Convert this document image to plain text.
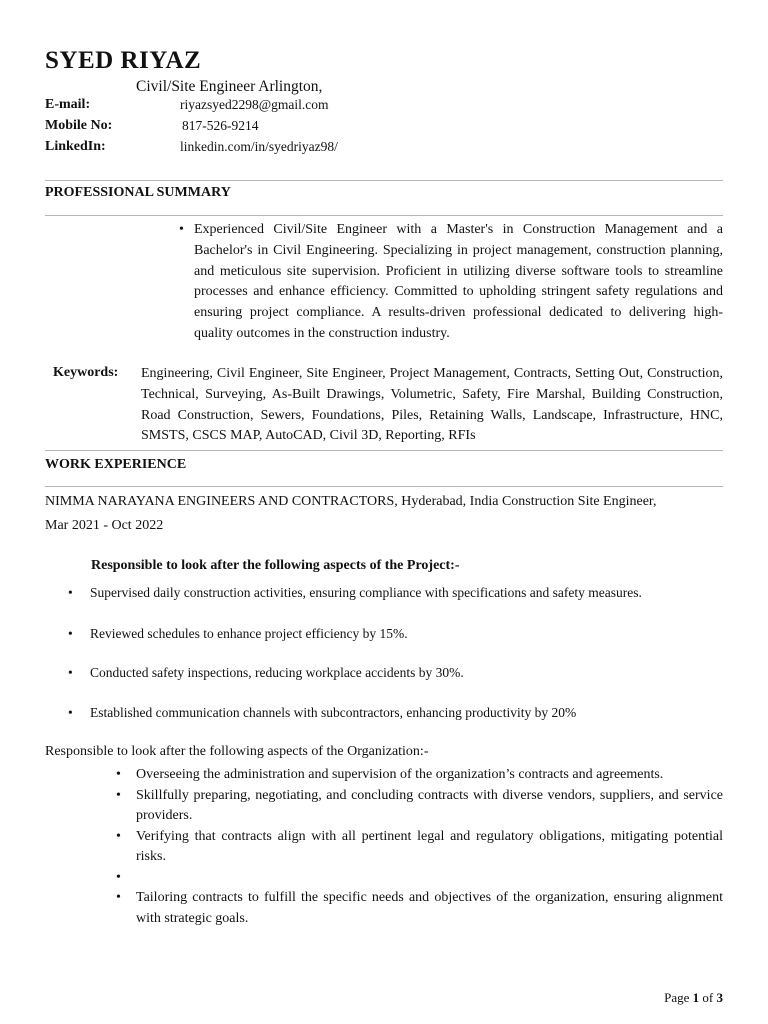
SYED RIYAZ
Civil/Site Engineer Arlington,
E-mail:	riyazsyed2298@gmail.com
Mobile No:	817-526-9214
LinkedIn:	linkedin.com/in/syedriyaz98/
PROFESSIONAL SUMMARY
• Experienced Civil/Site Engineer with a Master's in Construction Management and a Bachelor's in Civil Engineering. Specializing in project management, construction planning, and meticulous site supervision. Proficient in utilizing diverse software tools to streamline processes and enhance efficiency. Committed to upholding stringent safety regulations and ensuring project compliance. A results-driven professional dedicated to delivering high-quality outcomes in the construction industry.
Keywords: Engineering, Civil Engineer, Site Engineer, Project Management, Contracts, Setting Out, Construction, Technical, Surveying, As-Built Drawings, Volumetric, Safety, Fire Marshal, Building Construction, Road Construction, Sewers, Foundations, Piles, Retaining Walls, Landscape, Infrastructure, HNC, SMSTS, CSCS MAP, AutoCAD, Civil 3D, Reporting, RFIs
WORK EXPERIENCE
NIMMA NARAYANA ENGINEERS AND CONTRACTORS, Hyderabad, India Construction Site Engineer,
Mar 2021 - Oct 2022
Responsible to look after the following aspects of the Project:-
• Supervised daily construction activities, ensuring compliance with specifications and safety measures.
• Reviewed schedules to enhance project efficiency by 15%.
• Conducted safety inspections, reducing workplace accidents by 30%.
• Established communication channels with subcontractors, enhancing productivity by 20%
Responsible to look after the following aspects of the Organization:-
• Overseeing the administration and supervision of the organization’s contracts and agreements.
• Skillfully preparing, negotiating, and concluding contracts with diverse vendors, suppliers, and service providers.
• Verifying that contracts align with all pertinent legal and regulatory obligations, mitigating potential risks.
•
• Tailoring contracts to fulfill the specific needs and objectives of the organization, ensuring alignment with strategic goals.
Page 1 of 3
